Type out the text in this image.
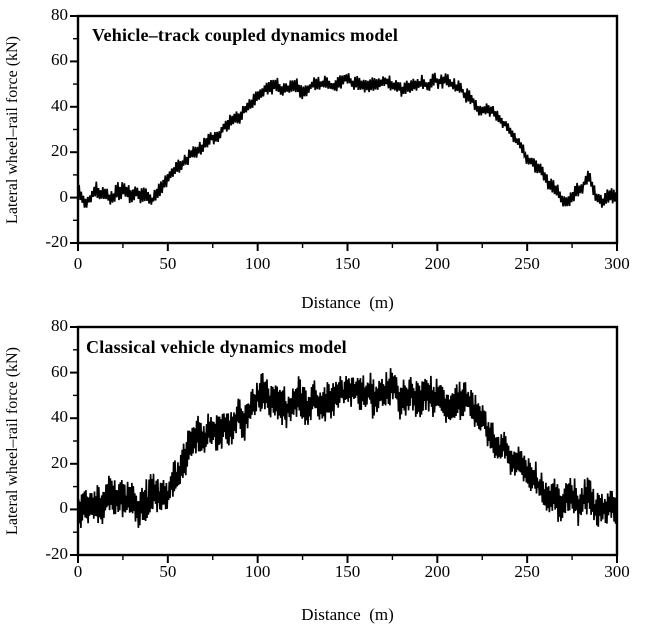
Vehicle–track coupled dynamics model
Classical vehicle dynamics model
Lateral wheel–rail force (kN)
Lateral wheel–rail force (kN)
Distance  (m)
Distance  (m)
0	50	100	150	200	250	300
-20
0
20
40
60
80
0	50	100	150	200	250	300
-20
0
20
40
60
80
